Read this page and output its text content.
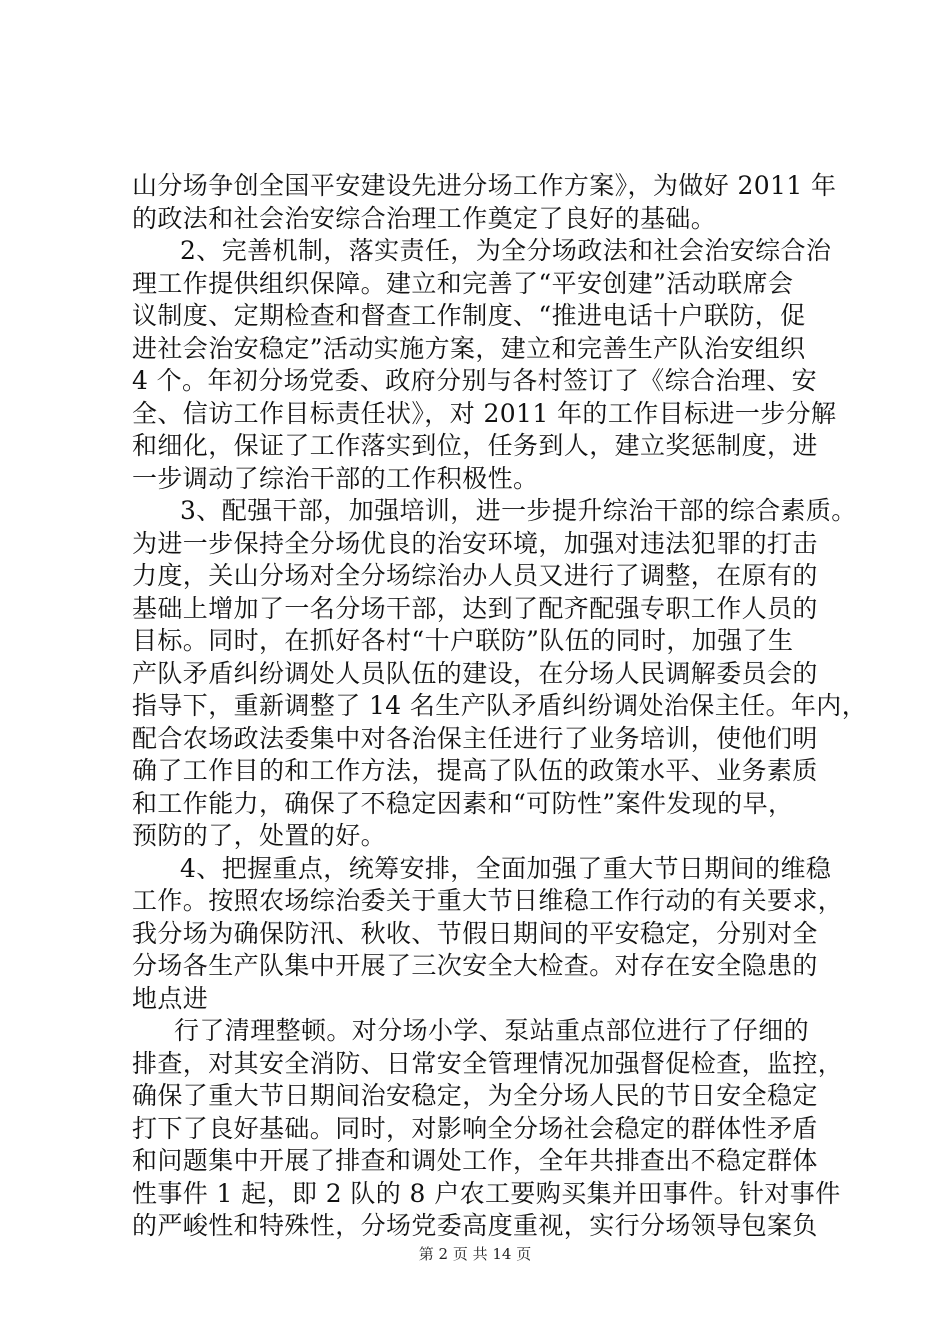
山分场争创全国平安建设先进分场工作方案》，为做好 2011 年
的政法和社会治安综合治理工作奠定了良好的基础。
2、完善机制，落实责任，为全分场政法和社会治安综合治
理工作提供组织保障。建立和完善了“平安创建”活动联席会
议制度、定期检查和督查工作制度、“推进电话十户联防，促
进社会治安稳定”活动实施方案，建立和完善生产队治安组织
4 个。年初分场党委、政府分别与各村签订了《综合治理、安
全、信访工作目标责任状》，对 2011 年的工作目标进一步分解
和细化，保证了工作落实到位，任务到人，建立奖惩制度，进
一步调动了综治干部的工作积极性。
3、配强干部，加强培训，进一步提升综治干部的综合素质。
为进一步保持全分场优良的治安环境，加强对违法犯罪的打击
力度，关山分场对全分场综治办人员又进行了调整，在原有的
基础上增加了一名分场干部，达到了配齐配强专职工作人员的
目标。同时，在抓好各村“十户联防”队伍的同时，加强了生
产队矛盾纠纷调处人员队伍的建设，在分场人民调解委员会的
指导下，重新调整了 14 名生产队矛盾纠纷调处治保主任。年内，
配合农场政法委集中对各治保主任进行了业务培训，使他们明
确了工作目的和工作方法，提高了队伍的政策水平、业务素质
和工作能力，确保了不稳定因素和“可防性”案件发现的早，
预防的了，处置的好。
4、把握重点，统筹安排，全面加强了重大节日期间的维稳
工作。按照农场综治委关于重大节日维稳工作行动的有关要求，
我分场为确保防汛、秋收、节假日期间的平安稳定，分别对全
分场各生产队集中开展了三次安全大检查。对存在安全隐患的
地点进
行了清理整顿。对分场小学、泵站重点部位进行了仔细的
排查，对其安全消防、日常安全管理情况加强督促检查，监控，
确保了重大节日期间治安稳定，为全分场人民的节日安全稳定
打下了良好基础。同时，对影响全分场社会稳定的群体性矛盾
和问题集中开展了排查和调处工作，全年共排查出不稳定群体
性事件 1 起，即 2 队的 8 户农工要购买集并田事件。针对事件
的严峻性和特殊性，分场党委高度重视，实行分场领导包案负
第 2 页 共 14 页
